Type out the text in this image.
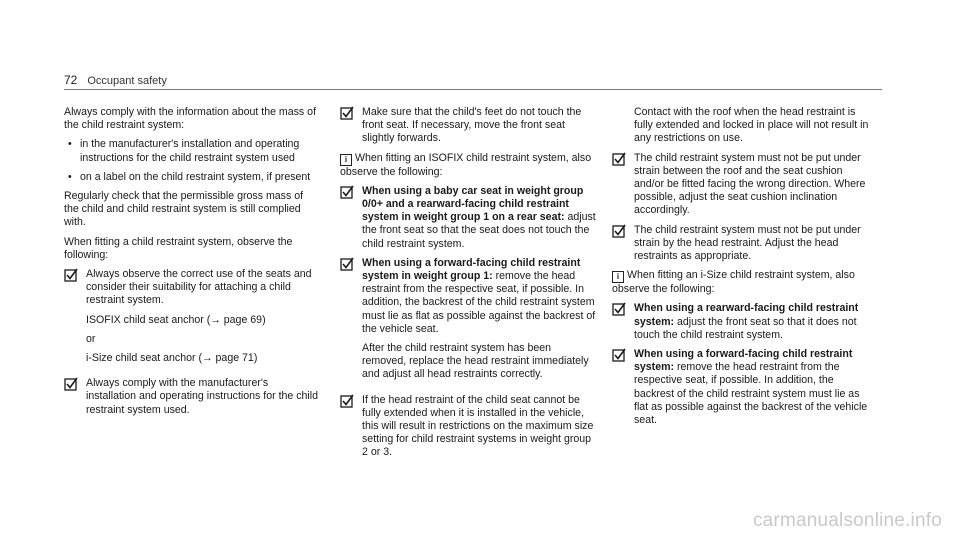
72 Occupant safety

Always comply with the information about the mass of the child restraint system:

• in the manufacturer's installation and operating instructions for the child restraint system used
• on a label on the child restraint system, if present

Regularly check that the permissible gross mass of the child and child restraint system is still complied with.

When fitting a child restraint system, observe the following:

Always observe the correct use of the seats and consider their suitability for attaching a child restraint system.

ISOFIX child seat anchor (→ page 69)

or

i-Size child seat anchor (→ page 71)

Always comply with the manufacturer's installation and operating instructions for the child restraint system used.
Make sure that the child's feet do not touch the front seat. If necessary, move the front seat slightly forwards.

i When fitting an ISOFIX child restraint system, also observe the following:

When using a baby car seat in weight group 0/0+ and a rearward-facing child restraint system in weight group 1 on a rear seat: adjust the front seat so that the seat does not touch the child restraint system.

When using a forward-facing child restraint system in weight group 1: remove the head restraint from the respective seat, if possible. In addition, the backrest of the child restraint system must lie as flat as possible against the backrest of the vehicle seat.

After the child restraint system has been removed, replace the head restraint immediately and adjust all head restraints correctly.

If the head restraint of the child seat cannot be fully extended when it is installed in the vehicle, this will result in restrictions on the maximum size setting for child restraint systems in weight group 2 or 3.

Contact with the roof when the head restraint is fully extended and locked in place will not result in any restrictions on use.

The child restraint system must not be put under strain between the roof and the seat cushion and/or be fitted facing the wrong direction. Where possible, adjust the seat cushion inclination accordingly.
The child restraint system must not be put under strain by the head restraint. Adjust the head restraints as appropriate.

i When fitting an i-Size child restraint system, also observe the following:

When using a rearward-facing child restraint system: adjust the front seat so that it does not touch the child restraint system.
When using a forward-facing child restraint system: remove the head restraint from the respective seat, if possible. In addition, the backrest of the child restraint system must lie as flat as possible against the backrest of the vehicle seat.
carmanualsonline.info
